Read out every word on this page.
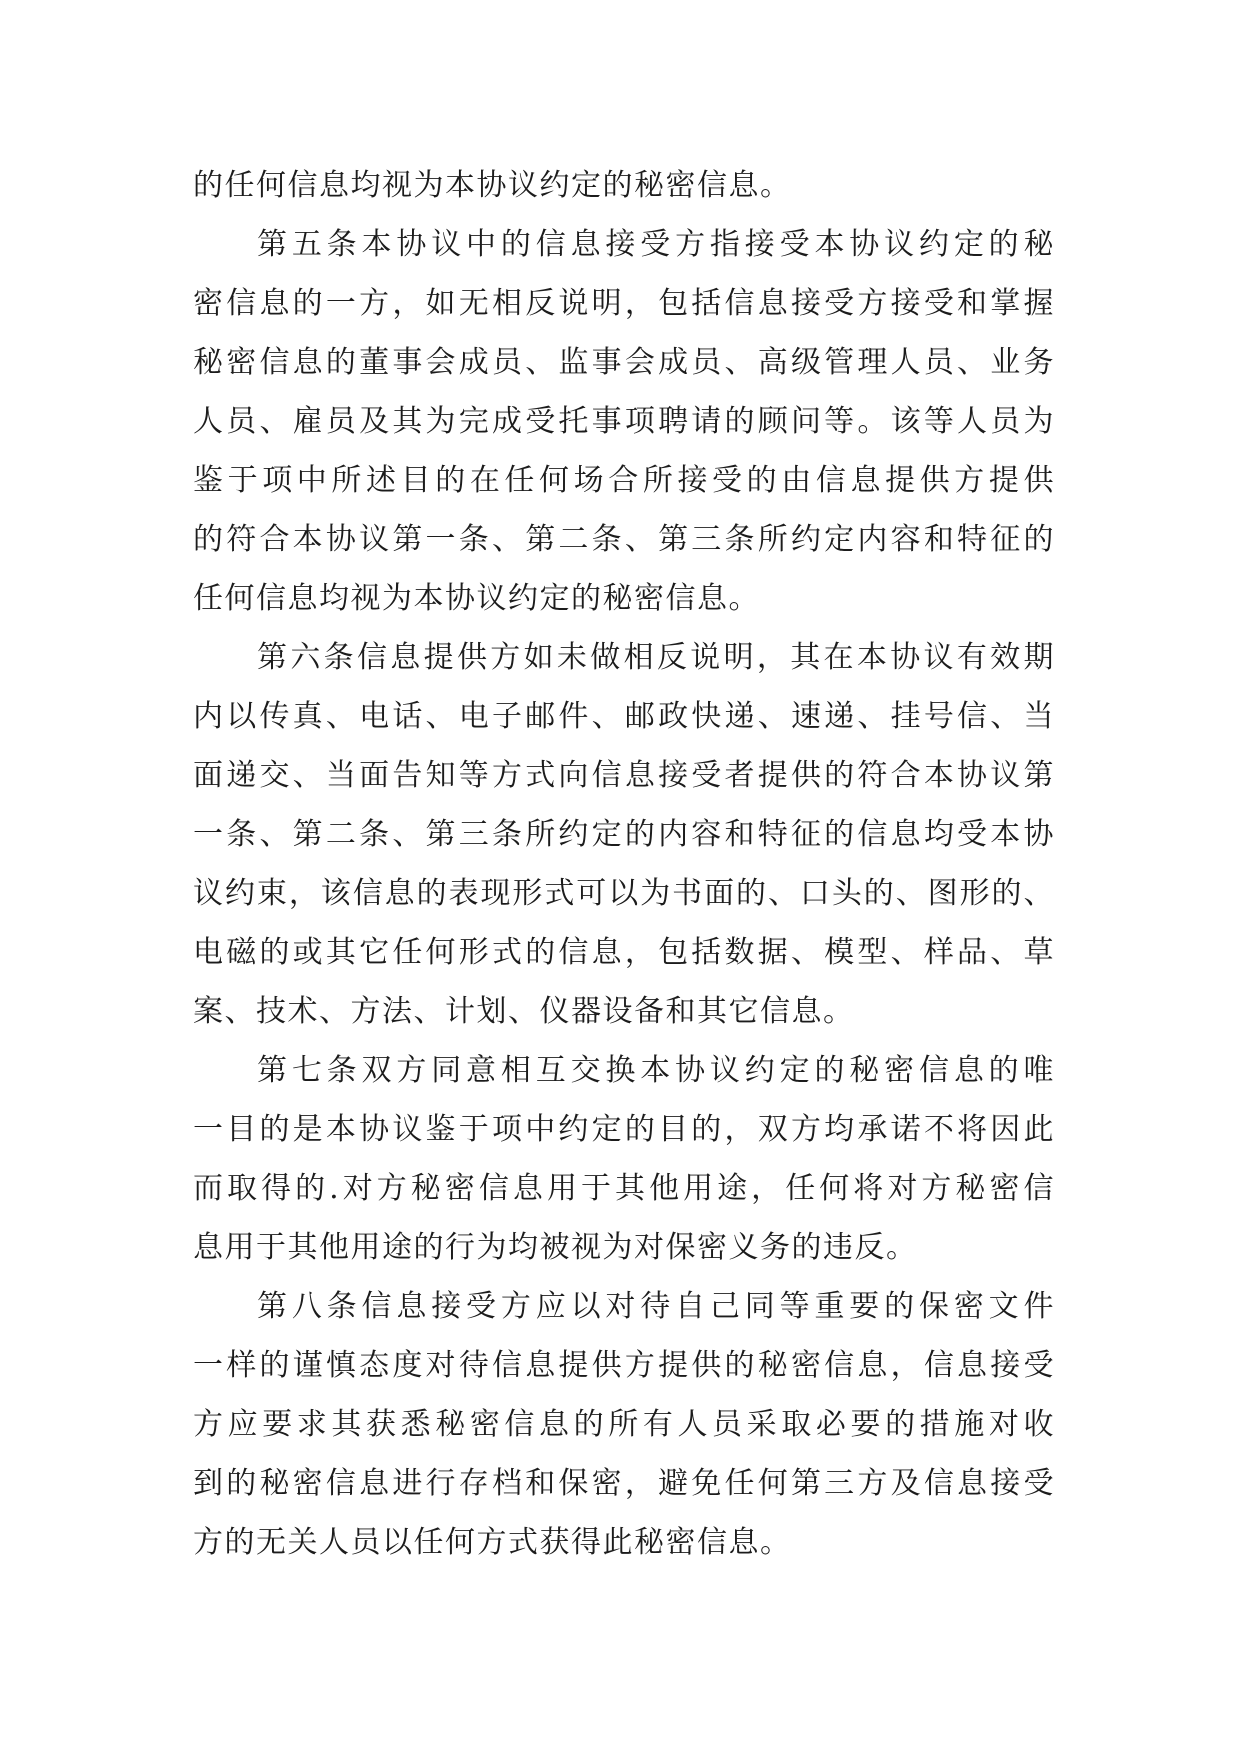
的任何信息均视为本协议约定的秘密信息。
第五条本协议中的信息接受方指接受本协议约定的秘
密信息的一方，如无相反说明，包括信息接受方接受和掌握
秘密信息的董事会成员、监事会成员、高级管理人员、业务
人员、雇员及其为完成受托事项聘请的顾问等。该等人员为
鉴于项中所述目的在任何场合所接受的由信息提供方提供
的符合本协议第一条、第二条、第三条所约定内容和特征的
任何信息均视为本协议约定的秘密信息。
第六条信息提供方如未做相反说明，其在本协议有效期
内以传真、电话、电子邮件、邮政快递、速递、挂号信、当
面递交、当面告知等方式向信息接受者提供的符合本协议第
一条、第二条、第三条所约定的内容和特征的信息均受本协
议约束，该信息的表现形式可以为书面的、口头的、图形的、
电磁的或其它任何形式的信息，包括数据、模型、样品、草
案、技术、方法、计划、仪器设备和其它信息。
第七条双方同意相互交换本协议约定的秘密信息的唯
一目的是本协议鉴于项中约定的目的，双方均承诺不将因此
而取得的.对方秘密信息用于其他用途，任何将对方秘密信
息用于其他用途的行为均被视为对保密义务的违反。
第八条信息接受方应以对待自己同等重要的保密文件
一样的谨慎态度对待信息提供方提供的秘密信息，信息接受
方应要求其获悉秘密信息的所有人员采取必要的措施对收
到的秘密信息进行存档和保密，避免任何第三方及信息接受
方的无关人员以任何方式获得此秘密信息。
